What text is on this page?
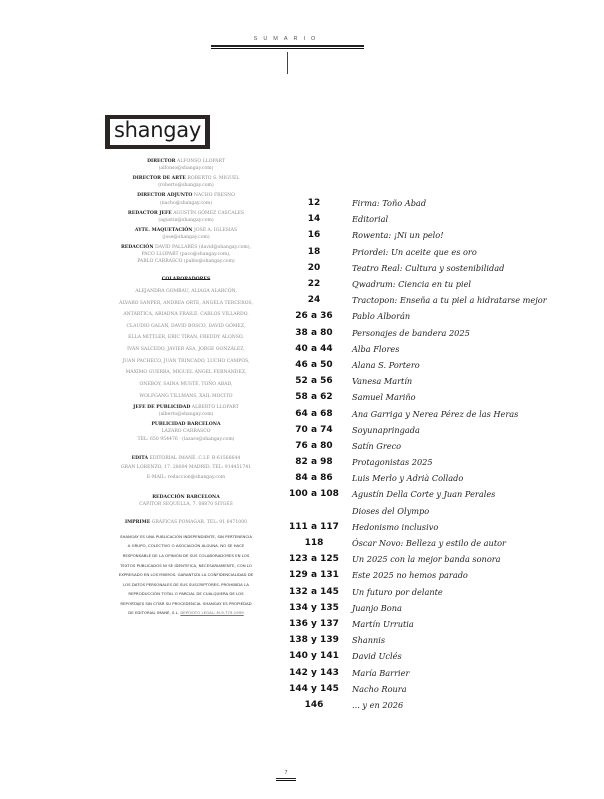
SUMARIO
shangay
DIRECTOR ALFONSO LLOPART
(alfonso@shangay.com)
DIRECTOR DE ARTE ROBERTO S. MIGUEL
(roberto@shangay.com)
DIRECTOR ADJUNTO NACHO FRESNO
(nacho@shangay.com)
REDACTOR JEFE AGUSTÍN GÓMEZ CASCALES
(agustin@shangay.com)
AYTE. MAQUETACIÓN JOSÉ A. IGLESIAS
(jose@shangay.com)
REDACCIÓN DAVID PALLARÉS (david@shangay.com),
PACO LLOPART (paco@shangay.com),
PABLO CARRASCO (pablo@shangay.com)
COLABORADORES
ALEJANDRA GOMBAU, ALIAGA ALARCÓN,
ÁLVARO SANPER, ANDREA ORTE, ÁNGELA TERCEROS,
ANTÁRTICA, ARIADNA FRAILE, CARLOS VILLARDO,
CLAUDIO GALÁN, DAVID BOSCO, DAVID GÓMEZ,
ELLA MITTLER, ERIC TIRAN, FREDDY ALONSO,
IVÁN SALCEDO, JAVIER ASA, JORGE GONZÁLEZ,
JUAN PACHECO, JUAN TRINCADO, LUCHO CAMPOS,
MÁXIMO GUERRA, MIGUEL ÁNGEL FERNÁNDEZ,
ONEBOY, SAINA MUSTÉ, TOÑO ABAD,
WOLFGANG TILLMANS, XAIL MOCITO
JEFE DE PUBLICIDAD ALBERTO LLOPART
(alberto@shangay.com)
PUBLICIDAD BARCELONA
LÁZARO CARRASCO
TEL: 650 954476 · (lazaro@shangay.com)
EDITA EDITORIAL IMANÉ. C.I.F. B-61566644
GRAN LORENZO, 17. 28004 MADRID. TEL: 914451741
E-MAIL: redaccion@shangay.com
REDACCIÓN BARCELONA
CAPITOR SEQUELLA, 7. 08870 SITGES
IMPRIME GRÁFICAS POMAGAR. TEL: 91 6471000
SHANGAY ES UNA PUBLICACIÓN INDEPENDIENTE, SIN PERTENENCIA
A GRUPO, COLECTIVO O ASOCIACIÓN ALGUNA. NO SE HACE
RESPONSABLE DE LA OPINIÓN DE SUS COLABORADORES EN LOS
TEXTOS PUBLICADOS NI SE IDENTIFICA, NECESARIAMENTE, CON LO
EXPRESADO EN LOS MISMOS. GARANTIZA LA CONFIDENCIALIDAD DE
LOS DATOS PERSONALES DE SUS SUSCRIPTORES. PROHIBIDA LA
REPRODUCCIÓN TOTAL O PARCIAL DE CUALQUIERA DE LOS
REPORTAJES SIN CITAR SU PROCEDENCIA. SHANGAY ES PROPIEDAD
DE EDITORIAL IMANÉ, S.L. DEPÓSITO LEGAL: M-9.779-1999
12	Firma: Toño Abad
14	Editorial
16	Rowenta: ¡Ni un pelo!
18	Priordei: Un aceite que es oro
20	Teatro Real: Cultura y sostenibilidad
22	Qwadrum: Ciencia en tu piel
24	Tractopon: Enseña a tu piel a hidratarse mejor
26 a 36	Pablo Alborán
38 a 80	Personajes de bandera 2025
40 a 44	Alba Flores
46 a 50	Alana S. Portero
52 a 56	Vanesa Martín
58 a 62	Samuel Mariño
64 a 68	Ana Garriga y Nerea Pérez de las Heras
70 a 74	Soyunapringada
76 a 80	Satín Greco
82 a 98	Protagonistas 2025
84 a 86	Luis Merlo y Adrià Collado
100 a 108	Agustín Della Corte y Juan Perales
Dioses del Olympo
111 a 117	Hedonismo inclusivo
118	Óscar Novo: Belleza y estilo de autor
123 a 125	Un 2025 con la mejor banda sonora
129 a 131	Este 2025 no hemos parado
132 a 145	Un futuro por delante
134 y 135	Juanjo Bona
136 y 137	Martín Urrutia
138 y 139	Shannis
140 y 141	David Uclés
142 y 143	María Barrier
144 y 145	Nacho Roura
146	... y en 2026
7
